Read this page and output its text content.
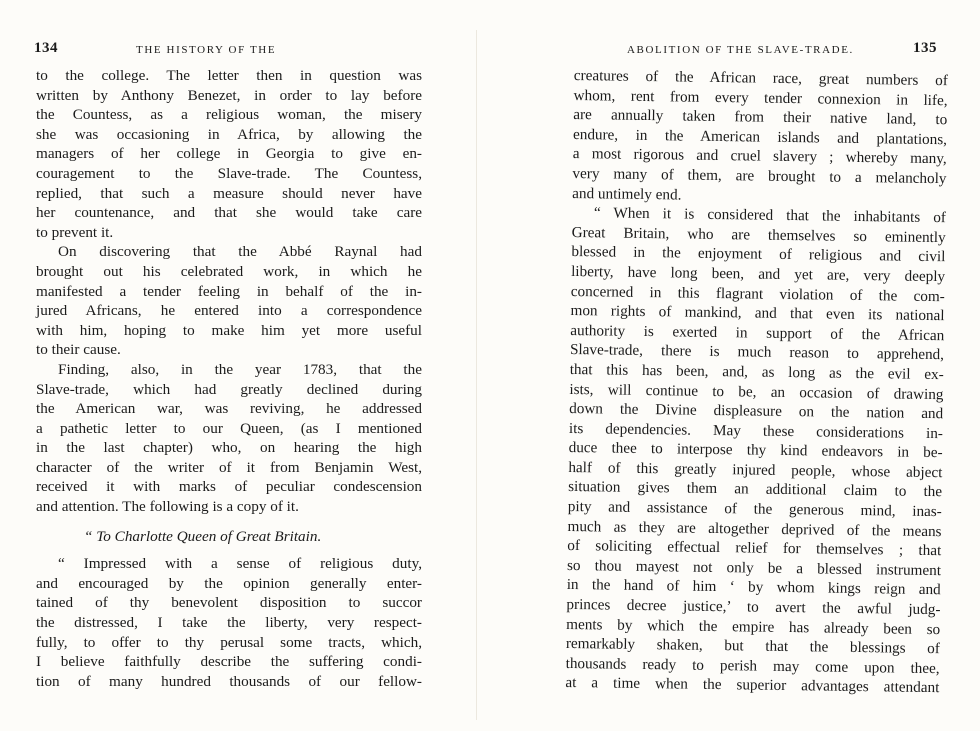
134	THE HISTORY OF THE
to the college. The letter then in question was
written by Anthony Benezet, in order to lay before
the Countess, as a religious woman, the misery
she was occasioning in Africa, by allowing the
managers of her college in Georgia to give en-
couragement to the Slave-trade. The Countess,
replied, that such a measure should never have
her countenance, and that she would take care
to prevent it.
On discovering that the Abbé Raynal had
brought out his celebrated work, in which he
manifested a tender feeling in behalf of the in-
jured Africans, he entered into a correspondence
with him, hoping to make him yet more useful
to their cause.
Finding, also, in the year 1783, that the
Slave-trade, which had greatly declined during
the American war, was reviving, he addressed
a pathetic letter to our Queen, (as I mentioned
in the last chapter) who, on hearing the high
character of the writer of it from Benjamin West,
received it with marks of peculiar condescension
and attention. The following is a copy of it.
“ To Charlotte Queen of Great Britain.
“ Impressed with a sense of religious duty,
and encouraged by the opinion generally enter-
tained of thy benevolent disposition to succor
the distressed, I take the liberty, very respect-
fully, to offer to thy perusal some tracts, which,
I believe faithfully describe the suffering condi-
tion of many hundred thousands of our fellow-
ABOLITION OF THE SLAVE-TRADE.	135
creatures of the African race, great numbers of
whom, rent from every tender connexion in life,
are annually taken from their native land, to
endure, in the American islands and plantations,
a most rigorous and cruel slavery ; whereby many,
very many of them, are brought to a melancholy
and untimely end.
“ When it is considered that the inhabitants of
Great Britain, who are themselves so eminently
blessed in the enjoyment of religious and civil
liberty, have long been, and yet are, very deeply
concerned in this flagrant violation of the com-
mon rights of mankind, and that even its national
authority is exerted in support of the African
Slave-trade, there is much reason to apprehend,
that this has been, and, as long as the evil ex-
ists, will continue to be, an occasion of drawing
down the Divine displeasure on the nation and
its dependencies. May these considerations in-
duce thee to interpose thy kind endeavors in be-
half of this greatly injured people, whose abject
situation gives them an additional claim to the
pity and assistance of the generous mind, inas-
much as they are altogether deprived of the means
of soliciting effectual relief for themselves ; that
so thou mayest not only be a blessed instrument
in the hand of him ‘ by whom kings reign and
princes decree justice,’ to avert the awful judg-
ments by which the empire has already been so
remarkably shaken, but that the blessings of
thousands ready to perish may come upon thee,
at a time when the superior advantages attendant
